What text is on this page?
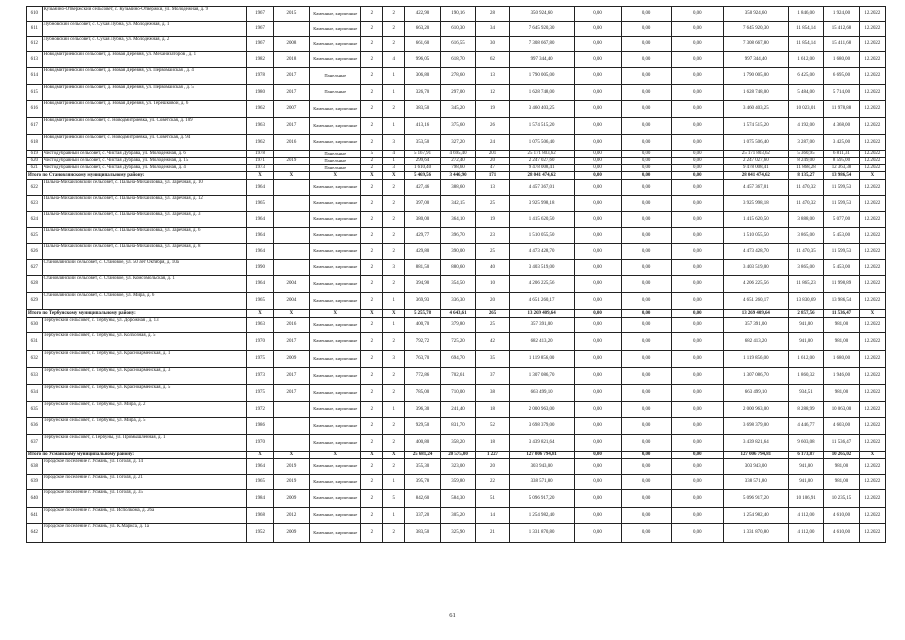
610	Кузьмино-Отвержский сельсовет, с. Кузьмино-Отвержки, ул. Молодежная, д. 9	1967	2015	Каменные, кирпичные	2	2	422,90	190,16	28	350 924,60	0,00	0,00	0,00	350 924,60	1 846,00	1 924,00	12.2022
611	Лубновский сельсовет, с. Сухая Лубна, ул. Молодежная, д. 1	1967		Каменные, кирпичные	2	2	663,20	610,30	34	7 645 920,30	0,00	0,00	0,00	7 645 920,30	11 854,14	15 412,68	12.2022
612	Лубновский сельсовет, с. Сухая Лубна, ул. Молодежная, д. 2	1967	2008	Каменные, кирпичные	2	2	661,60	616,55	30	7 308 667,80	0,00	0,00	0,00	7 308 667,80	11 854,14	15 411,68	12.2022
613	Новодмитриевский сельсовет, д. Новая Деревня, ул. Механизаторов , д. 1	1982	2018	Каменные, кирпичные	2	4	996,05	618,70	62	997 344,40	0,00	0,00	0,00	997 344,40	1 612,00	1 680,00	12.2022
614	Новодмитриевский сельсовет, д. Новая Деревня, ул. Первомайская , д. 4	1978	2017	Панельные	2	1	306,80	278,60	13	1 790 005,00	0,00	0,00	0,00	1 790 005,00	6 425,00	6 695,00	12.2022
615	Новодмитриевский сельсовет, д. Новая Деревня, ул. Первомайская , д. 5	1980	2017	Панельные	2	1	326,70	297,00	12	1 628 748,00	0,00	0,00	0,00	1 628 748,00	5 484,00	5 714,00	12.2022
616	Новодмитриевский сельсовет, д. Новая Деревня, ул. Терешковой, д. 6	1962	2007	Каменные, кирпичные	2	2	383,50	345,20	19	3 460 403,25	0,00	0,00	0,00	3 460 403,25	10 023,01	11 978,88	12.2022
617	Новодмитриевский сельсовет, с. Новодмитриевка, ул. Советская, д. 109	1963	2017	Каменные, кирпичные	2	1	413,16	375,60	26	1 574 515,20	0,00	0,00	0,00	1 574 515,20	4 192,00	4 368,00	12.2022
618	Новодмитриевский сельсовет, с. Новодмитриевка, ул. Советская, д. 94	1962	2016	Каменные, кирпичные	2	3	353,50	327,20	24	1 075 506,40	0,00	0,00	0,00	1 075 506,40	3 287,00	3 425,00	12.2022
619	Чистодубравный сельсовет, с. Чистая Дубрава, ул. Молодежная, д. 6	1978		Панельные	5	4	5 167,91	4 695,40	201	25 171 803,62	0,00	0,00	0,00	25 171 803,62	5 360,95	6 811,31	12.2022
620	Чистодубравный сельсовет, с. Чистая Дубрава, ул. Молодежная, д. 15	1971	2019	Панельные	2	1	299,64	272,40	20	2 247 027,60	0,00	0,00	0,00	2 247 027,60	8 249,00	8 595,00	12.2022
621	Чистодубравный сельсовет, с. Чистая Дубрава, ул. Молодежная, д. 4	1973		Панельные	2	3	1 610,40	798,60	47	9 478 008,41	0,00	0,00	0,00	9 478 008,41	11 868,28	12 363,38	12.2022
Итого по Становлянскому муниципальному району:		X	X	X	X	X	5 469,56	3 446,90	171	28 041 474,62	0,00	0,00	0,00	28 041 474,62	8 135,27	13 986,54	X
622	Пальна-Михайловский сельсовет, с. Пальна-Михайловка, ул. Заречная, д. 10	1964		Каменные, кирпичные	2	2	427,46	388,60	13	4 457 367,01	0,00	0,00	0,00	4 457 367,01	11 470,32	11 599,53	12.2022
623	Пальна-Михайловский сельсовет, с. Пальна-Михайловка, ул. Заречная, д. 12	1965		Каменные, кирпичные	2	2	397,00	342,15	25	3 925 998,18	0,00	0,00	0,00	3 925 998,18	11 470,32	11 599,53	12.2022
624	Пальна-Михайловский сельсовет, с. Пальна-Михайловка, ул. Заречная, д. 3	1964		Каменные, кирпичные	2	2	380,00	364,10	19	1 415 620,50	0,00	0,00	0,00	1 415 620,50	3 888,00	5 077,00	12.2022
625	Пальна-Михайловский сельсовет, с. Пальна-Михайловка, ул. Заречная, д. 6	1964		Каменные, кирпичные	2	2	429,77	396,70	23	1 510 055,50	0,00	0,00	0,00	1 510 055,50	3 865,00	5 453,00	12.2022
626	Пальна-Михайловский сельсовет, с. Пальна-Михайловка, ул. Заречная, д. 8	1964		Каменные, кирпичные	2	2	429,80	390,00	25	4 473 428,70	0,00	0,00	0,00	4 473 428,70	11 470,35	11 599,53	12.2022
627	Становлянский сельсовет, с. Становое, ул. 50 лет Октября, д. 10а	1990		Каменные, кирпичные	2	3	881,50	880,60	40	3 403 519,00	0,00	0,00	0,00	3 403 519,00	3 865,00	5 453,00	12.2022
628	Становлянский сельсовет, с. Становое, ул. Комсомольская, д. 1	1964	2004	Каменные, кирпичные	2	2	394,90	354,50	10	4 206 225,56	0,00	0,00	0,00	4 206 225,56	11 865,23	11 998,89	12.2022
629	Становлянский сельсовет, с. Становое, ул. Мира, д. 6	1965	2004	Каменные, кирпичные	2	1	369,93	336,30	20	4 651 260,17	0,00	0,00	0,00	4 651 260,17	13 830,69	13 986,54	12.2022
Итого по Тербунскому муниципальному району:		X	X	X	X	X	5 255,78	4 643,61	265	13 269 409,64	0,00	0,00	0,00	13 269 409,64	2 857,56	11 536,47	X
630	Тербунский сельсовет, с. Тербуны, ул. Дорожная , д. 13	1963	2016	Каменные, кирпичные	2	1	400,70	379,80	25	357 391,00	0,00	0,00	0,00	357 391,00	941,00	981,00	12.2022
631	Тербунский сельсовет, с. Тербуны, ул. Колхозная, д. 5	1970	2017	Каменные, кирпичные	2	2	792,72	725,20	42	682 413,20	0,00	0,00	0,00	682 413,20	941,00	981,00	12.2022
632	Тербунский сельсовет, с. Тербуны, ул. Красноармейская, д. 1	1975	2009	Каменные, кирпичные	2	3	763,70	694,70	35	1 119 856,00	0,00	0,00	0,00	1 119 856,00	1 612,00	1 680,00	12.2022
633	Тербунский сельсовет, с. Тербуны, ул. Красноармейская, д. 3	1973	2017	Каменные, кирпичные	2	2	772,86	702,61	37	1 307 086,70	0,00	0,00	0,00	1 307 086,70	1 860,32	1 946,00	12.2022
634	Тербунский сельсовет, с. Тербуны, ул. Красноармейская, д. 5	1975	2017	Каменные, кирпичные	2	2	785,00	710,00	38	663 499,10	0,00	0,00	0,00	663 499,10	934,51	981,00	12.2022
635	Тербунский сельсовет, с. Тербуны, ул. Мира, д. 2	1972		Каменные, кирпичные	2	1	396,30	241,40	18	2 000 963,00	0,00	0,00	0,00	2 000 963,00	8 288,99	10 063,00	12.2022
636	Тербунский сельсовет, с. Тербуны, ул. Мира, д. 5	1986		Каменные, кирпичные	2	2	929,50	831,70	52	3 698 379,00	0,00	0,00	0,00	3 698 379,00	4 446,77	4 603,00	12.2022
637	Тербунский сельсовет, с.Тербуны, ул. Промышленная, д. 1	1970		Каменные, кирпичные	2	2	400,80	358,20	18	3 439 821,64	0,00	0,00	0,00	3 439 821,64	9 603,08	11 536,47	12.2022
Итого по Усманскому муниципальному району:		X	X	X	X	X	25 681,24	20 575,00	1 227	127 006 794,81	0,00	0,00	0,00	127 006 794,81	6 173,87	10 265,02	X
638	городское поселение г. Усмань, ул. Гоголя, д. 14	1964	2019	Каменные, кирпичные	2	2	355,30	323,00	20	303 943,00	0,00	0,00	0,00	303 943,00	941,00	981,00	12.2022
639	городское поселение г. Усмань, ул. Гоголя, д. 21	1965	2019	Каменные, кирпичные	2	1	395,78	359,80	22	338 571,80	0,00	0,00	0,00	338 571,80	941,00	981,00	12.2022
640	городское поселение г. Усмань, ул. Гоголя, д. 35	1984	2009	Каменные, кирпичные	2	5	842,60	584,30	51	5 096 917,20	0,00	0,00	0,00	5 096 917,20	10 106,91	10 235,15	12.2022
641	городское поселение г. Усмань, ул. Исполкома, д. 26а	1968	2012	Каменные, кирпичные	2	1	337,20	305,20	14	1 254 982,40	0,00	0,00	0,00	1 254 982,40	4 112,00	4 610,00	12.2022
642	городское поселение г. Усмань, ул. К.Маркса, д. 1а	1952	2009	Каменные, кирпичные	2	2	383,50	325,90	21	1 331 870,80	0,00	0,00	0,00	1 331 870,80	4 112,00	4 610,00	12.2022
61
